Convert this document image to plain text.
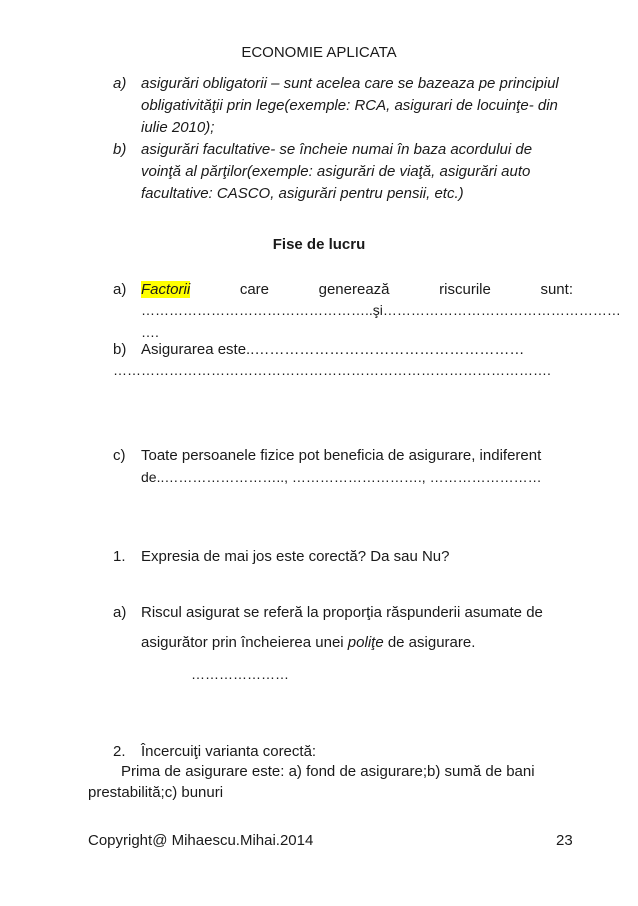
ECONOMIE APLICATA
a) asigurări obligatorii – sunt acelea care se bazeaza pe principiul
obligativităţii prin lege(exemple: RCA, asigurari de locuinţe- din
iulie 2010);
b) asigurări facultative- se încheie numai în baza acordului de
voinţă al părţilor(exemple: asigurări de viaţă, asigurări auto
facultative: CASCO, asigurări pentru pensii, etc.)
Fise de lucru
a) Factorii	care	generează	riscurile	sunt:
…………………………………………..şi……………………………………………
….
b) Asigurarea este..………………………………………………
………………………………………………………………………………….
c) Toate persoanele fizice pot beneficia de asigurare, indiferent
de..…………………….., ………………………., ……………………
1. Expresia de mai jos este corectă? Da sau Nu?
a) Riscul asigurat se referă la proporţia răspunderii asumate de
asigurător prin încheierea unei poliţe de asigurare.
…………………
2. Încercuiţi varianta corectă:
Prima de asigurare este: a) fond de asigurare;b) sumă de bani
prestabilită;c) bunuri
Copyright@ Mihaescu.Mihai.2014	23
